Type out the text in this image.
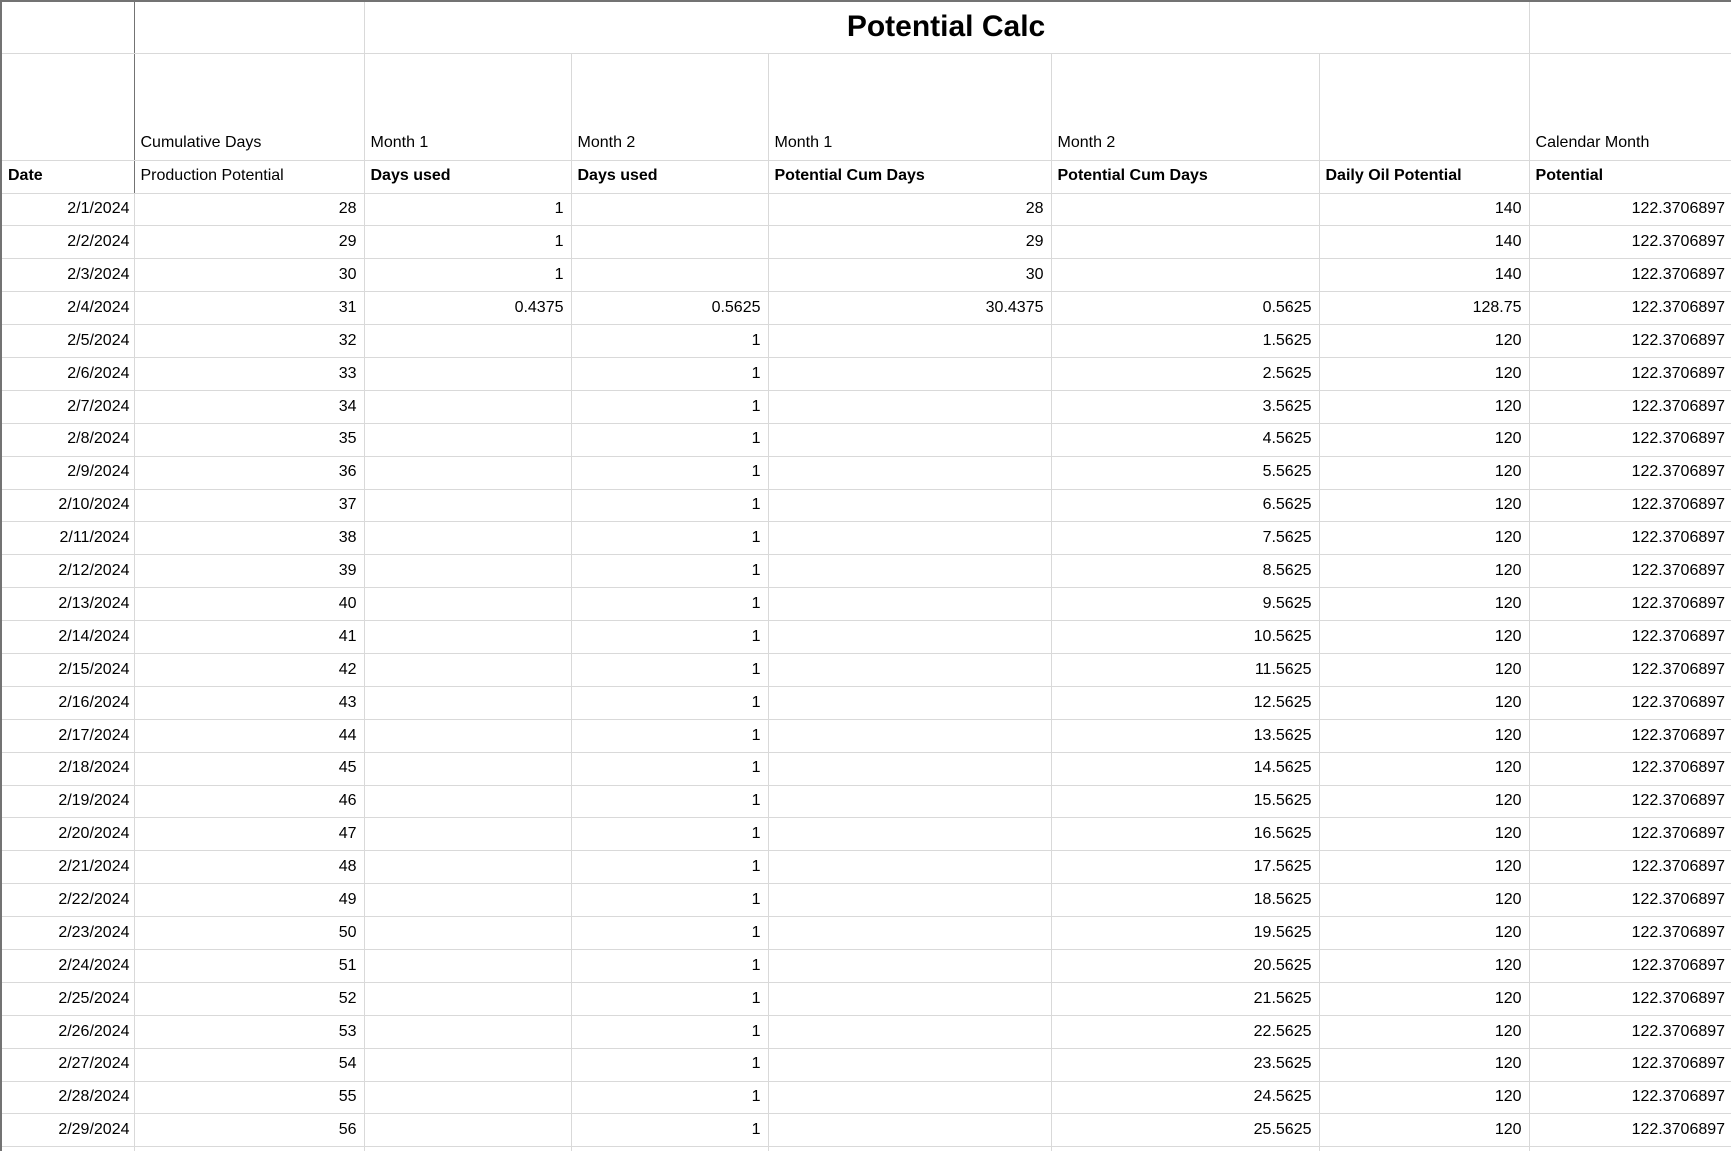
		Potential Calc					
	Cumulative Days	Month 1	Month 2	Month 1	Month 2		Calendar Month
Date	Production Potential	Days used	Days used	Potential Cum Days	Potential Cum Days	Daily Oil Potential	Potential
2/1/2024	28	1		28		140	122.3706897
2/2/2024	29	1		29		140	122.3706897
2/3/2024	30	1		30		140	122.3706897
2/4/2024	31	0.4375	0.5625	30.4375	0.5625	128.75	122.3706897
2/5/2024	32		1		1.5625	120	122.3706897
2/6/2024	33		1		2.5625	120	122.3706897
2/7/2024	34		1		3.5625	120	122.3706897
2/8/2024	35		1		4.5625	120	122.3706897
2/9/2024	36		1		5.5625	120	122.3706897
2/10/2024	37		1		6.5625	120	122.3706897
2/11/2024	38		1		7.5625	120	122.3706897
2/12/2024	39		1		8.5625	120	122.3706897
2/13/2024	40		1		9.5625	120	122.3706897
2/14/2024	41		1		10.5625	120	122.3706897
2/15/2024	42		1		11.5625	120	122.3706897
2/16/2024	43		1		12.5625	120	122.3706897
2/17/2024	44		1		13.5625	120	122.3706897
2/18/2024	45		1		14.5625	120	122.3706897
2/19/2024	46		1		15.5625	120	122.3706897
2/20/2024	47		1		16.5625	120	122.3706897
2/21/2024	48		1		17.5625	120	122.3706897
2/22/2024	49		1		18.5625	120	122.3706897
2/23/2024	50		1		19.5625	120	122.3706897
2/24/2024	51		1		20.5625	120	122.3706897
2/25/2024	52		1		21.5625	120	122.3706897
2/26/2024	53		1		22.5625	120	122.3706897
2/27/2024	54		1		23.5625	120	122.3706897
2/28/2024	55		1		24.5625	120	122.3706897
2/29/2024	56		1		25.5625	120	122.3706897
